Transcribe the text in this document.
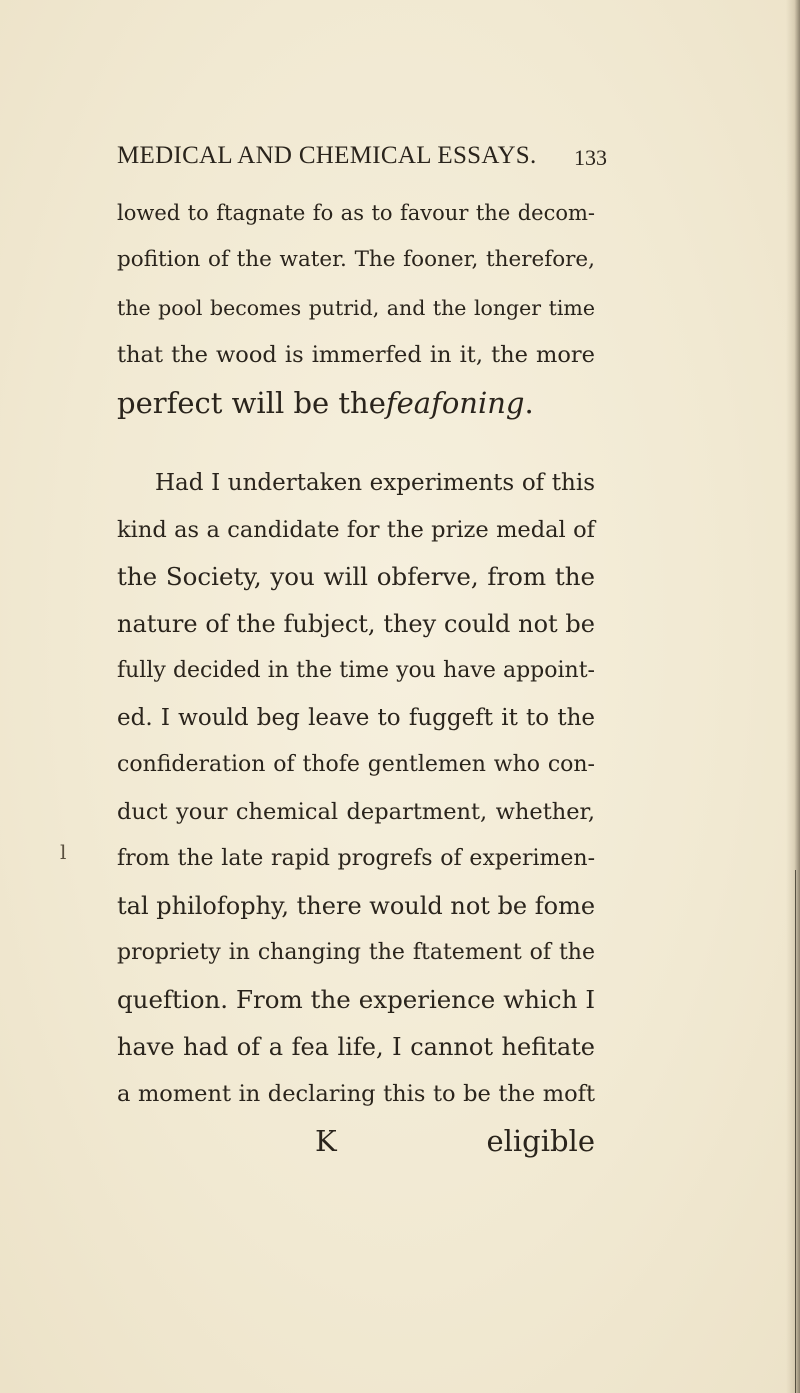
MEDICAL AND CHEMICAL ESSAYS. 133
lowed to ftagnate fo as to favour the decom-
pofition of the water. The fooner, therefore,
the pool becomes putrid, and the longer time
that the wood is immerfed in it, the more
perfect will be thefeafoning.
Had I undertaken experiments of this
kind as a candidate for the prize medal of
the Society, you will obferve, from the
nature of the fubject, they could not be
fully decided in the time you have appoint-
ed. I would beg leave to fuggeft it to the
confideration of thofe gentlemen who con-
duct your chemical department, whether,
from the late rapid progrefs of experimen-
tal philofophy, there would not be fome
propriety in changing the ftatement of the
queftion. From the experience which I
have had of a fea life, I cannot hefitate
a moment in declaring this to be the moft
K	eligible
l
